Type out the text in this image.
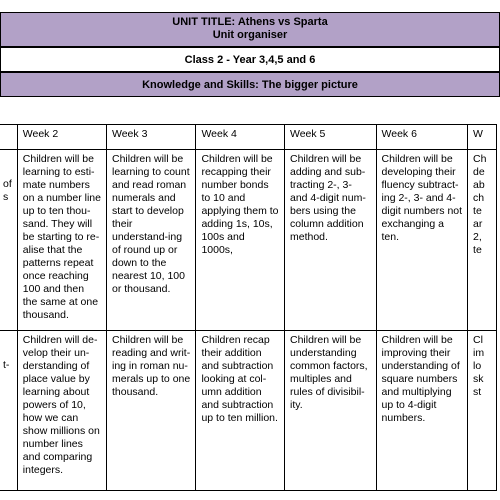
UNIT TITLE: Athens vs Sparta
Unit organiser
Class 2 - Year 3,4,5 and 6
Knowledge and Skills: The bigger picture
	Week 2	Week 3	Week 4	Week 5	Week 6	W
of s	Children will be learning to esti-mate numbers on a number line up to ten thou-sand. They will be starting to re-alise that the patterns repeat once reaching 100 and then the same at one thousand.	Children will be learning to count and read roman numerals and start to develop their understand-ing of round up or down to the nearest 10, 100 or thousand.	Children will be recapping their number bonds to 10 and applying them to adding 1s, 10s, 100s and 1000s,	Children will be adding and sub-tracting 2-, 3- and 4-digit num-bers using the column addition method.	Children will be developing their fluency subtract-ing 2-, 3- and 4-digit numbers not exchanging a ten.	Ch de ab ch te ar 2, te
t-	Children will de-velop their un-derstanding of place value by learning about powers of 10, how we can show millions on number lines and comparing integers.	Children will be reading and writ-ing in roman nu-merals up to one thousand.	Children recap their addition and subtraction looking at col-umn addition and subtraction up to ten million.	Children will be understanding common factors, multiples and rules of divisibil-ity.	Children will be improving their understanding of square numbers and multiplying up to 4-digit numbers.	Cl im lo sk st
